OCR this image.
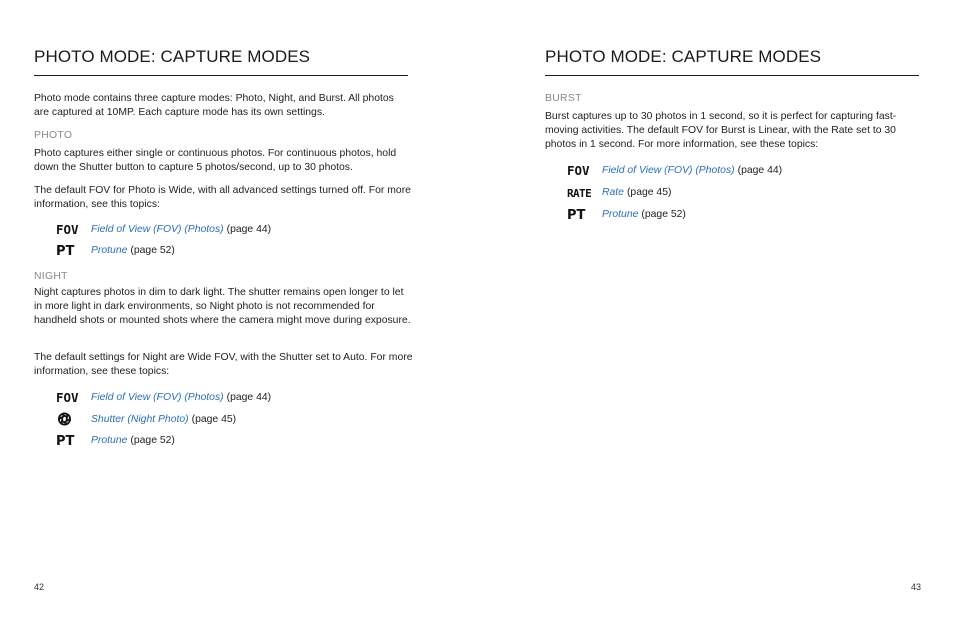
PHOTO MODE: CAPTURE MODES

Photo mode contains three capture modes: Photo, Night, and Burst. All photos are captured at 10MP. Each capture mode has its own settings.

PHOTO

Photo captures either single or continuous photos. For continuous photos, hold down the Shutter button to capture 5 photos/second, up to 30 photos.

The default FOV for Photo is Wide, with all advanced settings turned off. For more information, see this topics:

FOV Field of View (FOV) (Photos) (page 44)
PT Protune (page 52)
NIGHT

Night captures photos in dim to dark light. The shutter remains open longer to let in more light in dark environments, so Night photo is not recommended for handheld shots or mounted shots where the camera might move during exposure.

The default settings for Night are Wide FOV, with the Shutter set to Auto. For more information, see these topics:

FOV Field of View (FOV) (Photos) (page 44)
Shutter (Night Photo) (page 45)
PT Protune (page 52)
42
PHOTO MODE: CAPTURE MODES
BURST

Burst captures up to 30 photos in 1 second, so it is perfect for capturing fast-moving activities. The default FOV for Burst is Linear, with the Rate set to 30 photos in 1 second. For more information, see these topics:

FOV Field of View (FOV) (Photos) (page 44)
RATE Rate (page 45)
PT Protune (page 52)
43
